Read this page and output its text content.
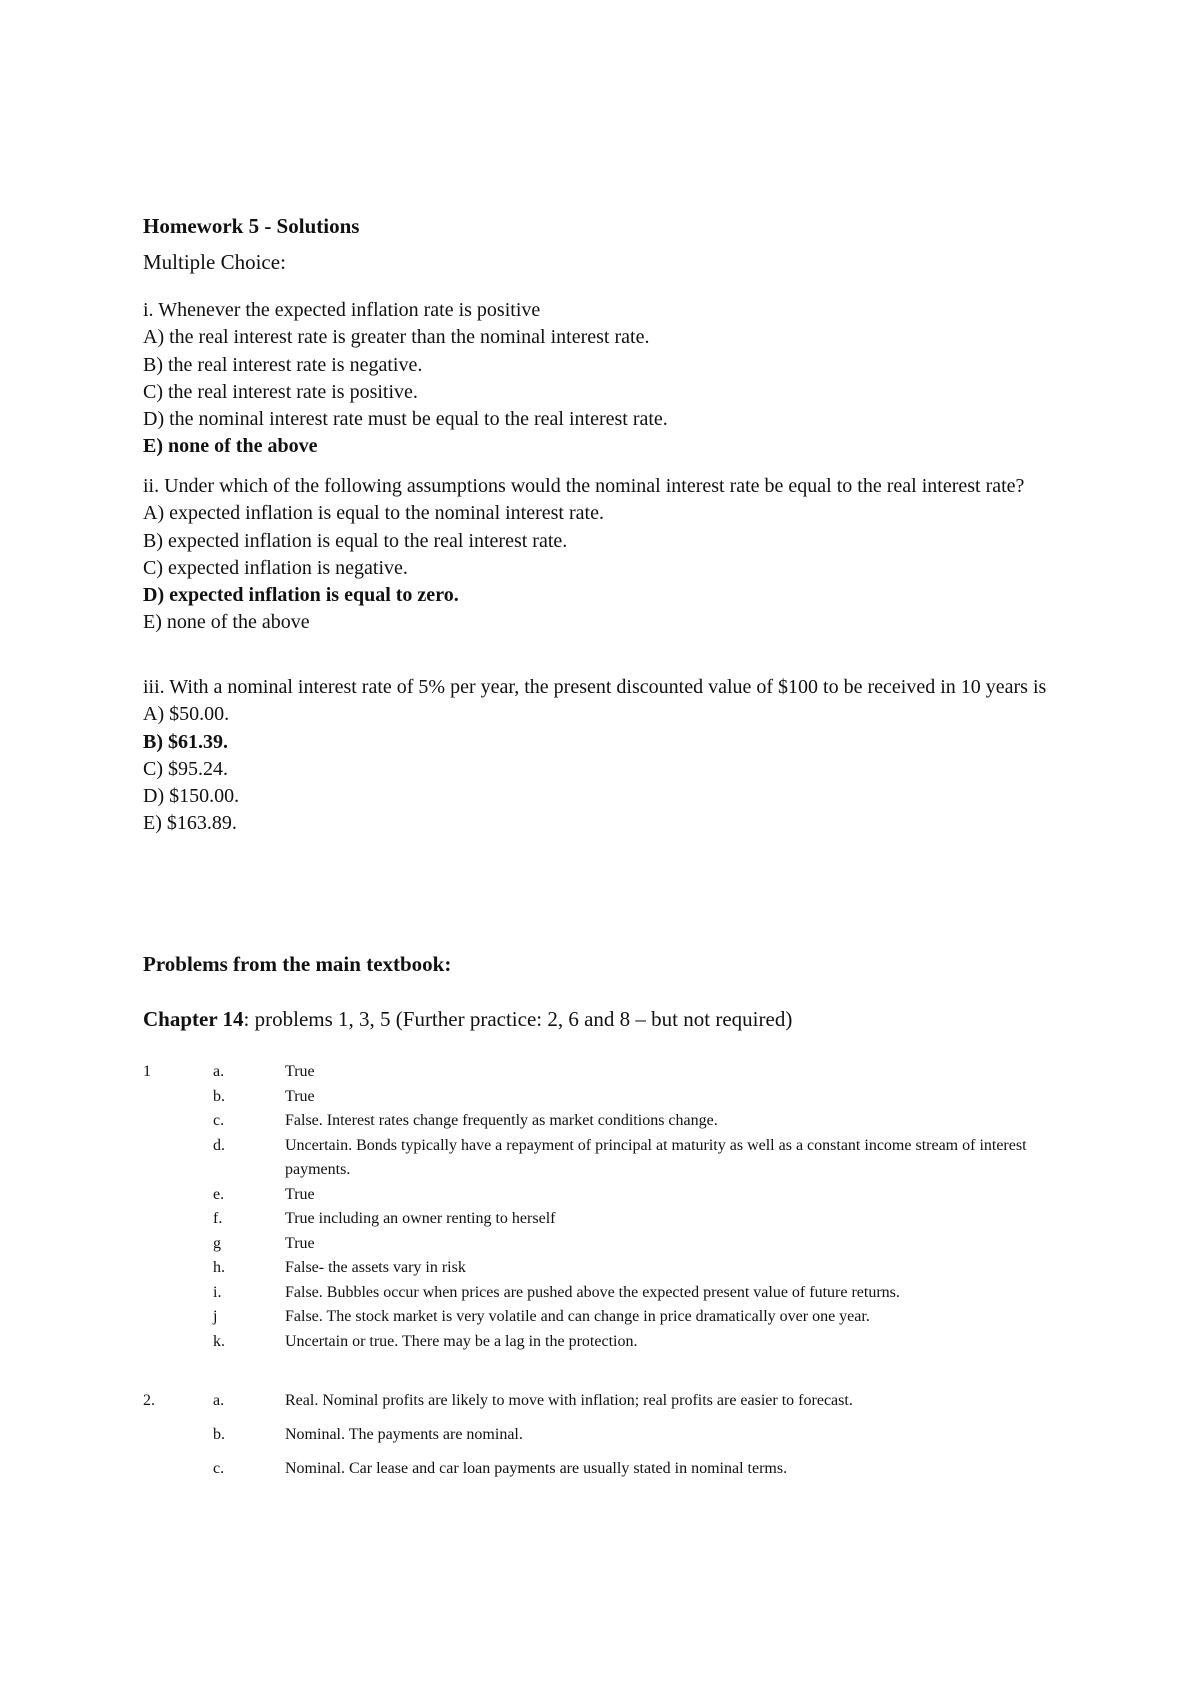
Homework 5 - Solutions
Multiple Choice:
i. Whenever the expected inflation rate is positive
A) the real interest rate is greater than the nominal interest rate.
B) the real interest rate is negative.
C) the real interest rate is positive.
D) the nominal interest rate must be equal to the real interest rate.
E) none of the above
ii. Under which of the following assumptions would the nominal interest rate be equal to the real interest rate?
A) expected inflation is equal to the nominal interest rate.
B) expected inflation is equal to the real interest rate.
C) expected inflation is negative.
D) expected inflation is equal to zero.
E) none of the above
iii. With a nominal interest rate of 5% per year, the present discounted value of $100 to be received in 10 years is
A) $50.00.
B) $61.39.
C) $95.24.
D) $150.00.
E) $163.89.
Problems from the main textbook:
Chapter 14: problems 1, 3, 5 (Further practice: 2, 6 and 8 – but not required)
1	a.	True
b.	True
c.	False. Interest rates change frequently as market conditions change.
d.	Uncertain. Bonds typically have a repayment of principal at maturity as well as a constant income stream of interest payments.
e.	True
f.	True including an owner renting to herself
g	True
h.	False- the assets vary in risk
i.	False. Bubbles occur when prices are pushed above the expected present value of future returns.
j	False. The stock market is very volatile and can change in price dramatically over one year.
k.	Uncertain or true. There may be a lag in the protection.
2.	a.	Real. Nominal profits are likely to move with inflation; real profits are easier to forecast.
b.	Nominal. The payments are nominal.
c.	Nominal. Car lease and car loan payments are usually stated in nominal terms.
